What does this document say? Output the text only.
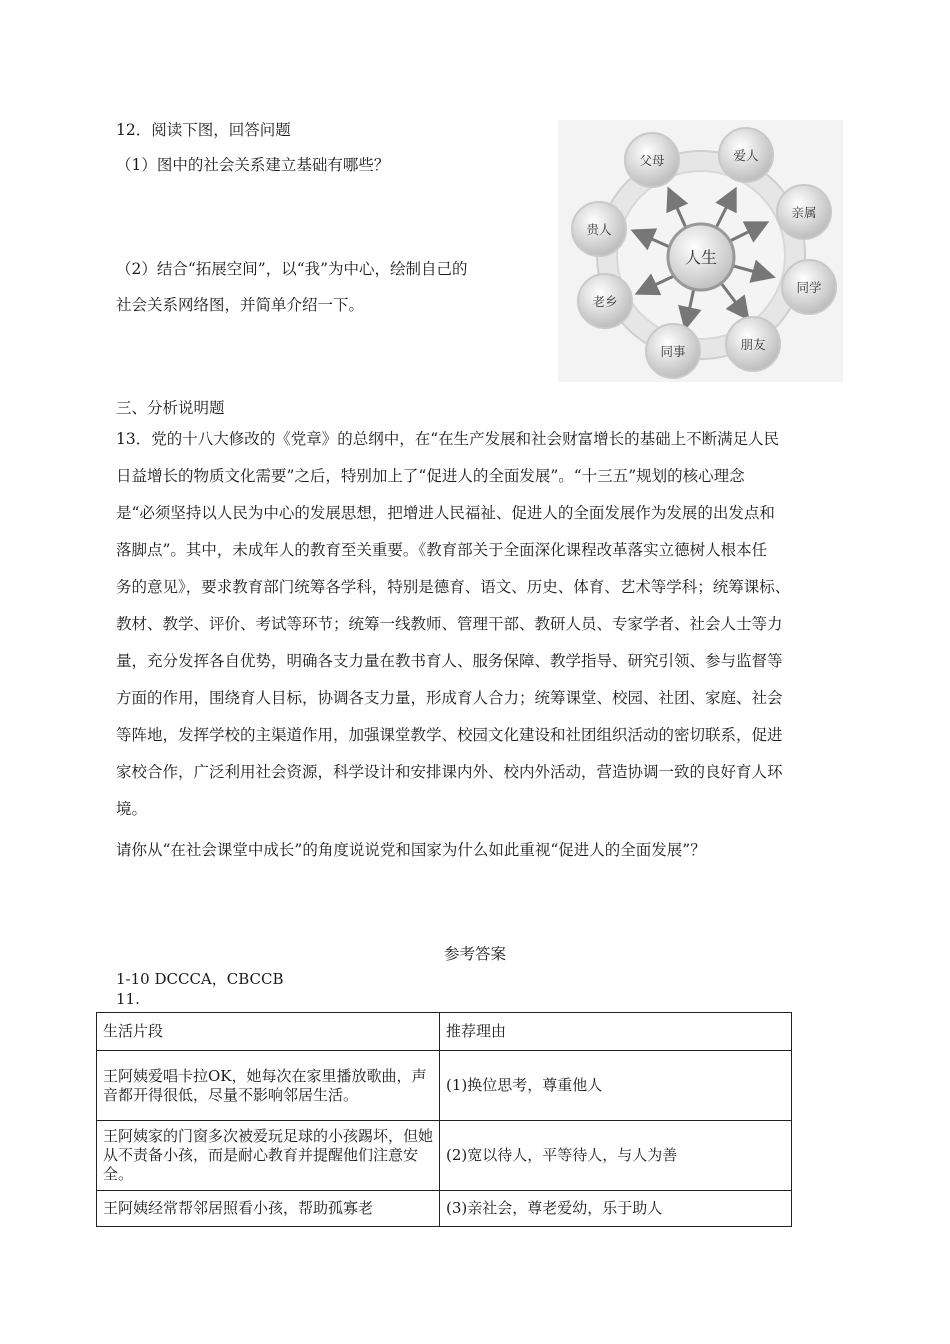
12．阅读下图，回答问题
（1）图中的社会关系建立基础有哪些？
（2）结合“拓展空间”，以“我”为中心，绘制自己的
社会关系网络图，并简单介绍一下。
人生
父母	爱人
亲属
同学
朋友
同事
老乡
贵人
三、分析说明题
13．党的十八大修改的《党章》的总纲中，在“在生产发展和社会财富增长的基础上不断满足人民
日益增长的物质文化需要”之后，特别加上了“促进人的全面发展”。“十三五”规划的核心理念
是“必须坚持以人民为中心的发展思想，把增进人民福祉、促进人的全面发展作为发展的出发点和
落脚点”。其中，未成年人的教育至关重要。《教育部关于全面深化课程改革落实立德树人根本任
务的意见》，要求教育部门统筹各学科，特别是德育、语文、历史、体育、艺术等学科；统筹课标、
教材、教学、评价、考试等环节；统筹一线教师、管理干部、教研人员、专家学者、社会人士等力
量，充分发挥各自优势，明确各支力量在教书育人、服务保障、教学指导、研究引领、参与监督等
方面的作用，围绕育人目标，协调各支力量，形成育人合力；统筹课堂、校园、社团、家庭、社会
等阵地，发挥学校的主渠道作用，加强课堂教学、校园文化建设和社团组织活动的密切联系，促进
家校合作，广泛利用社会资源，科学设计和安排课内外、校内外活动，营造协调一致的良好育人环
境。
请你从“在社会课堂中成长”的角度说说党和国家为什么如此重视“促进人的全面发展”？
参考答案
1-10 DCCCA，CBCCB
11.
生活片段	推荐理由
王阿姨爱唱卡拉OK，她每次在家里播放歌曲，声音都开得很低，尽量不影响邻居生活。	(1)换位思考，尊重他人
王阿姨家的门窗多次被爱玩足球的小孩踢坏，但她从不责备小孩，而是耐心教育并提醒他们注意安全。	(2)宽以待人，平等待人，与人为善
王阿姨经常帮邻居照看小孩，帮助孤寡老	(3)亲社会，尊老爱幼，乐于助人
